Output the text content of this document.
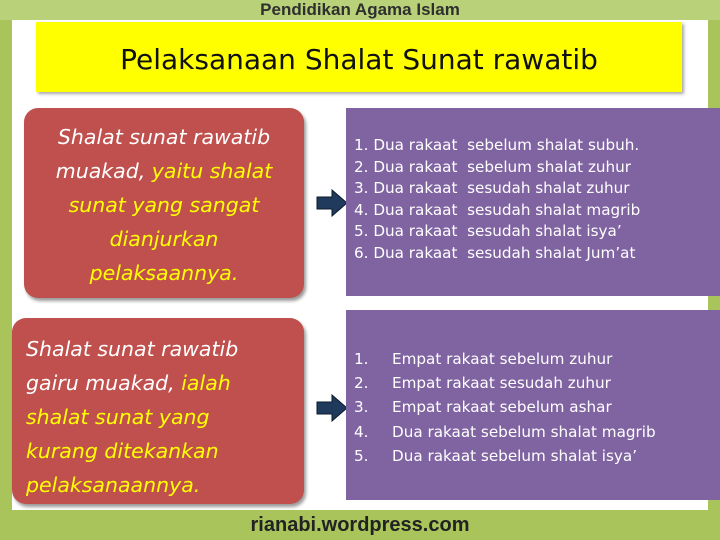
Pendidikan Agama Islam
Pelaksanaan Shalat Sunat rawatib
Shalat sunat rawatib
muakad, yaitu shalat
sunat yang sangat
dianjurkan
pelaksaannya.
Shalat sunat rawatib
gairu muakad, ialah
shalat sunat yang
kurang ditekankan
pelaksanaannya.
1. Dua rakaat  sebelum shalat subuh.
2. Dua rakaat  sebelum shalat zuhur
3. Dua rakaat  sesudah shalat zuhur
4. Dua rakaat  sesudah shalat magrib
5. Dua rakaat  sesudah shalat isya’
6. Dua rakaat  sesudah shalat Jum’at
1. Empat rakaat sebelum zuhur
2. Empat rakaat sesudah zuhur
3. Empat rakaat sebelum ashar
4. Dua rakaat sebelum shalat magrib
5. Dua rakaat sebelum shalat isya’
rianabi.wordpress.com
